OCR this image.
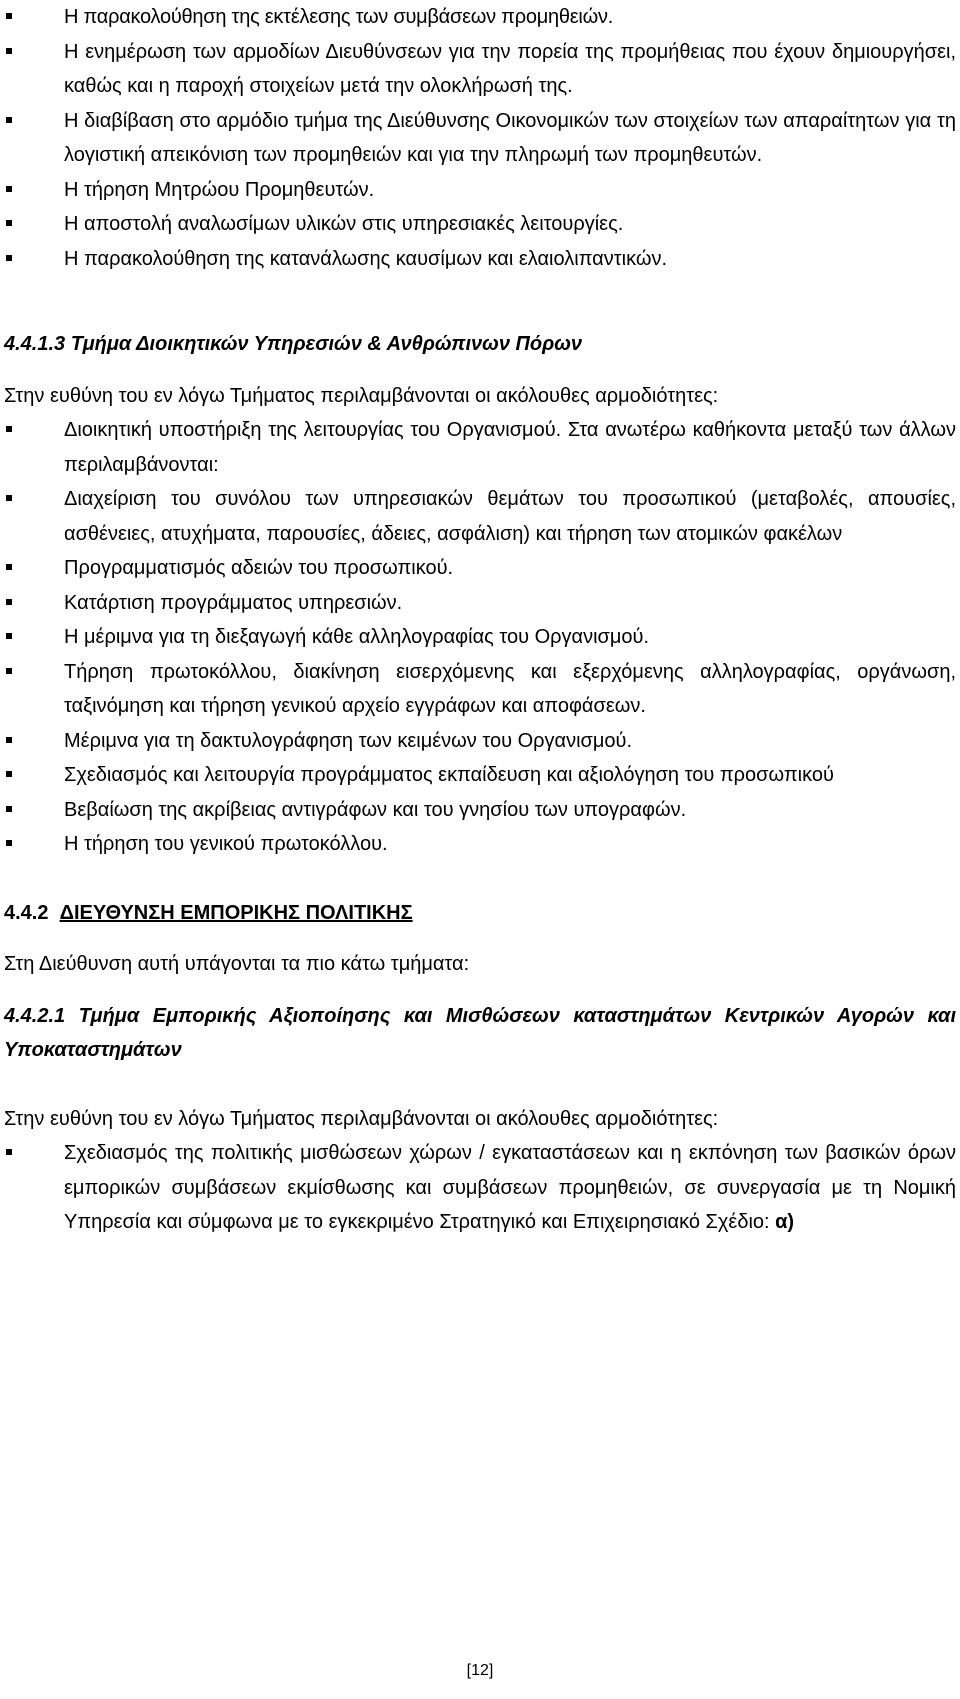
Η παρακολούθηση της εκτέλεσης των συμβάσεων προμηθειών.
Η ενημέρωση των αρμοδίων Διευθύνσεων για την πορεία της προμήθειας που έχουν δημιουργήσει, καθώς και η παροχή στοιχείων μετά την ολοκλήρωσή της.
Η διαβίβαση στο αρμόδιο τμήμα της Διεύθυνσης Οικονομικών των στοιχείων των απαραίτητων για τη λογιστική απεικόνιση των προμηθειών και για την πληρωμή των προμηθευτών.
Η τήρηση Μητρώου Προμηθευτών.
Η αποστολή αναλωσίμων υλικών στις υπηρεσιακές λειτουργίες.
Η παρακολούθηση της κατανάλωσης καυσίμων και ελαιολιπαντικών.
4.4.1.3 Τμήμα Διοικητικών Υπηρεσιών & Ανθρώπινων Πόρων
Στην ευθύνη του εν λόγω Τμήματος περιλαμβάνονται οι ακόλουθες αρμοδιότητες:
Διοικητική υποστήριξη της λειτουργίας του Οργανισμού. Στα ανωτέρω καθήκοντα μεταξύ των άλλων περιλαμβάνονται:
Διαχείριση του συνόλου των υπηρεσιακών θεμάτων του προσωπικού (μεταβολές, απουσίες, ασθένειες, ατυχήματα, παρουσίες, άδειες, ασφάλιση) και τήρηση των ατομικών φακέλων
Προγραμματισμός αδειών του προσωπικού.
Κατάρτιση προγράμματος υπηρεσιών.
Η μέριμνα για τη διεξαγωγή κάθε αλληλογραφίας του Οργανισμού.
Τήρηση πρωτοκόλλου, διακίνηση εισερχόμενης και εξερχόμενης αλληλογραφίας, οργάνωση, ταξινόμηση και τήρηση γενικού αρχείο εγγράφων και αποφάσεων.
Μέριμνα για τη δακτυλογράφηση των κειμένων του Οργανισμού.
Σχεδιασμός και λειτουργία προγράμματος εκπαίδευση και αξιολόγηση του προσωπικού
Βεβαίωση της ακρίβειας αντιγράφων και του γνησίου των υπογραφών.
Η τήρηση του γενικού πρωτοκόλλου.
4.4.2 ΔΙΕΥΘΥΝΣΗ ΕΜΠΟΡΙΚΗΣ ΠΟΛΙΤΙΚΗΣ
Στη Διεύθυνση αυτή υπάγονται τα πιο κάτω τμήματα:
4.4.2.1 Τμήμα Εμπορικής Αξιοποίησης και Μισθώσεων καταστημάτων Κεντρικών Αγορών και Υποκαταστημάτων
Στην ευθύνη του εν λόγω Τμήματος περιλαμβάνονται οι ακόλουθες αρμοδιότητες:
Σχεδιασμός της πολιτικής μισθώσεων χώρων / εγκαταστάσεων και η εκπόνηση των βασικών όρων εμπορικών συμβάσεων εκμίσθωσης και συμβάσεων προμηθειών, σε συνεργασία με τη Νομική Υπηρεσία και σύμφωνα με το εγκεκριμένο Στρατηγικό και Επιχειρησιακό Σχέδιο: α)
[12]
